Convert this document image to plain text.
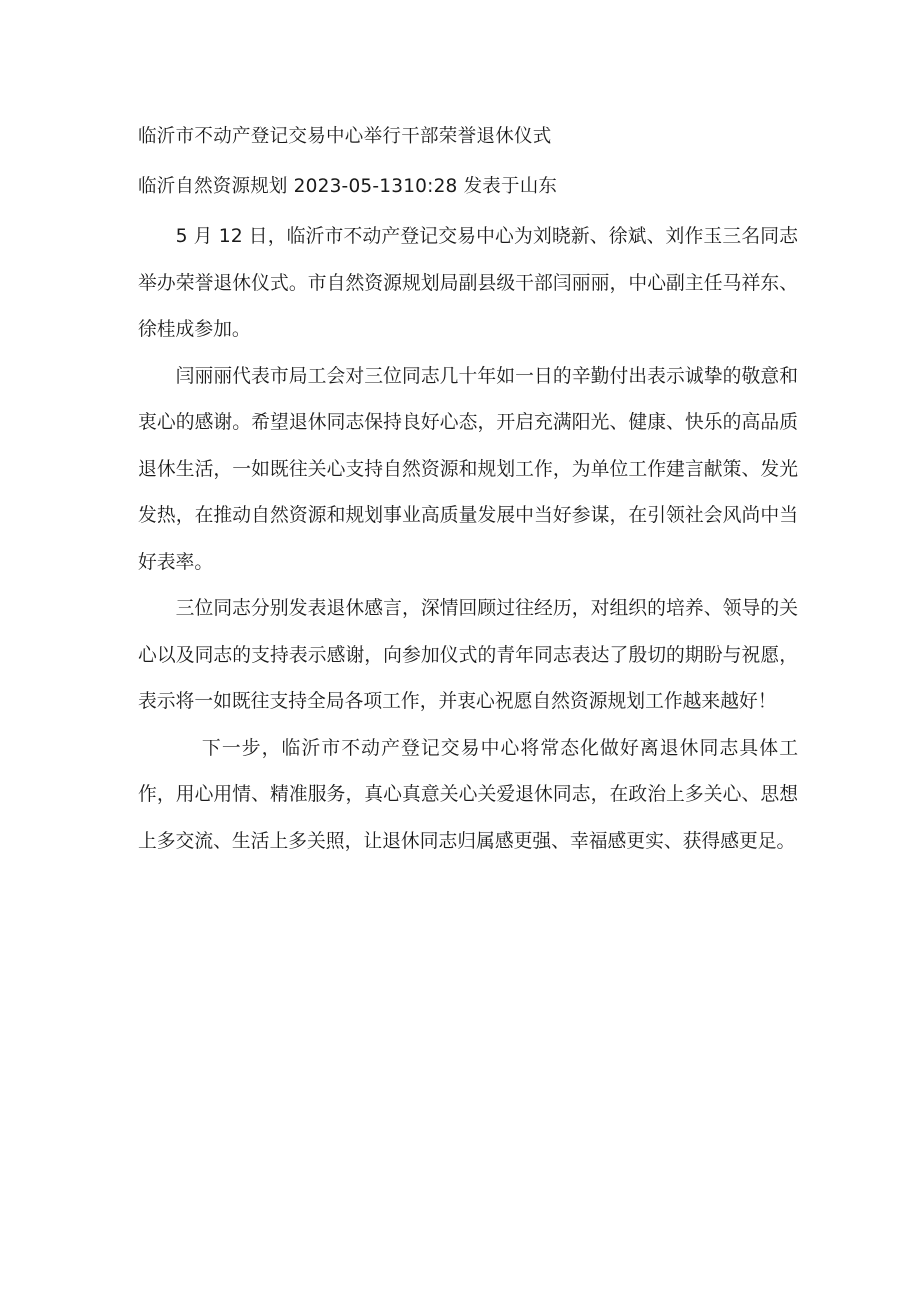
临沂市不动产登记交易中心举行干部荣誉退休仪式
临沂自然资源规划 2023-05-1310:28 发表于山东

5 月 12 日，临沂市不动产登记交易中心为刘晓新、徐斌、刘作玉三名同志举办荣誉退休仪式。市自然资源规划局副县级干部闫丽丽，中心副主任马祥东、徐桂成参加。

闫丽丽代表市局工会对三位同志几十年如一日的辛勤付出表示诚挚的敬意和衷心的感谢。希望退休同志保持良好心态，开启充满阳光、健康、快乐的高品质退休生活，一如既往关心支持自然资源和规划工作，为单位工作建言献策、发光发热，在推动自然资源和规划事业高质量发展中当好参谋，在引领社会风尚中当好表率。

三位同志分别发表退休感言，深情回顾过往经历，对组织的培养、领导的关心以及同志的支持表示感谢，向参加仪式的青年同志表达了殷切的期盼与祝愿，表示将一如既往支持全局各项工作，并衷心祝愿自然资源规划工作越来越好！

下一步，临沂市不动产登记交易中心将常态化做好离退休同志具体工作，用心用情、精准服务，真心真意关心关爱退休同志，在政治上多关心、思想上多交流、生活上多关照，让退休同志归属感更强、幸福感更实、获得感更足。
